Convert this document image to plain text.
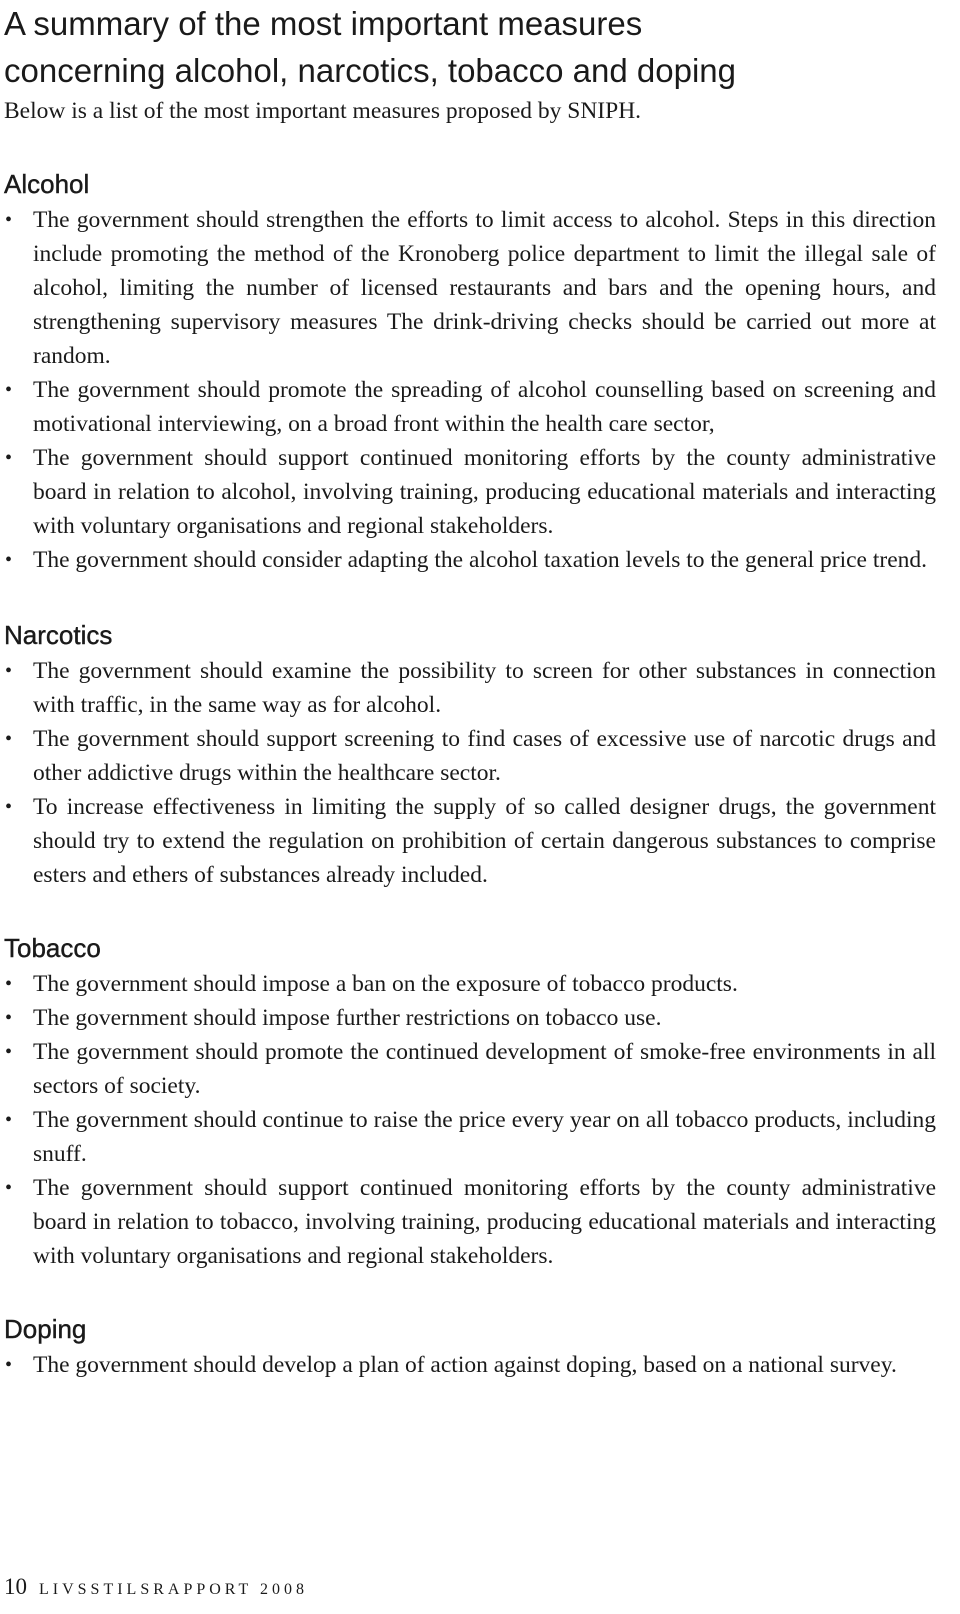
A summary of the most important measures
concerning alcohol, narcotics, tobacco and doping

Below is a list of the most important measures proposed by SNIPH.

Alcohol
• The government should strengthen the efforts to limit access to alcohol. Steps in this direction include promoting the method of the Kronoberg police department to limit the illegal sale of alcohol, limiting the number of licensed restaurants and bars and the opening hours, and strengthening supervisory measures The drink-driving checks should be carried out more at random.
• The government should promote the spreading of alcohol counselling based on screening and motivational interviewing, on a broad front within the health care sector,
• The government should support continued monitoring efforts by the county administrative board in relation to alcohol, involving training, producing educational materials and interacting with voluntary organisations and regional stakeholders.
• The government should consider adapting the alcohol taxation levels to the general price trend.
Narcotics
• The government should examine the possibility to screen for other substances in connection with traffic, in the same way as for alcohol.
• The government should support screening to find cases of excessive use of narcotic drugs and other addictive drugs within the healthcare sector.
• To increase effectiveness in limiting the supply of so called designer drugs, the government should try to extend the regulation on prohibition of certain dangerous substances to comprise esters and ethers of substances already included.
Tobacco
• The government should impose a ban on the exposure of tobacco products.
• The government should impose further restrictions on tobacco use.
• The government should promote the continued development of smoke-free environments in all sectors of society.
• The government should continue to raise the price every year on all tobacco products, including snuff.
• The government should support continued monitoring efforts by the county administrative board in relation to tobacco, involving training, producing educational materials and interacting with voluntary organisations and regional stakeholders.
Doping
• The government should develop a plan of action against doping, based on a national survey.
10 LIVSSTILSRAPPORT 2008
